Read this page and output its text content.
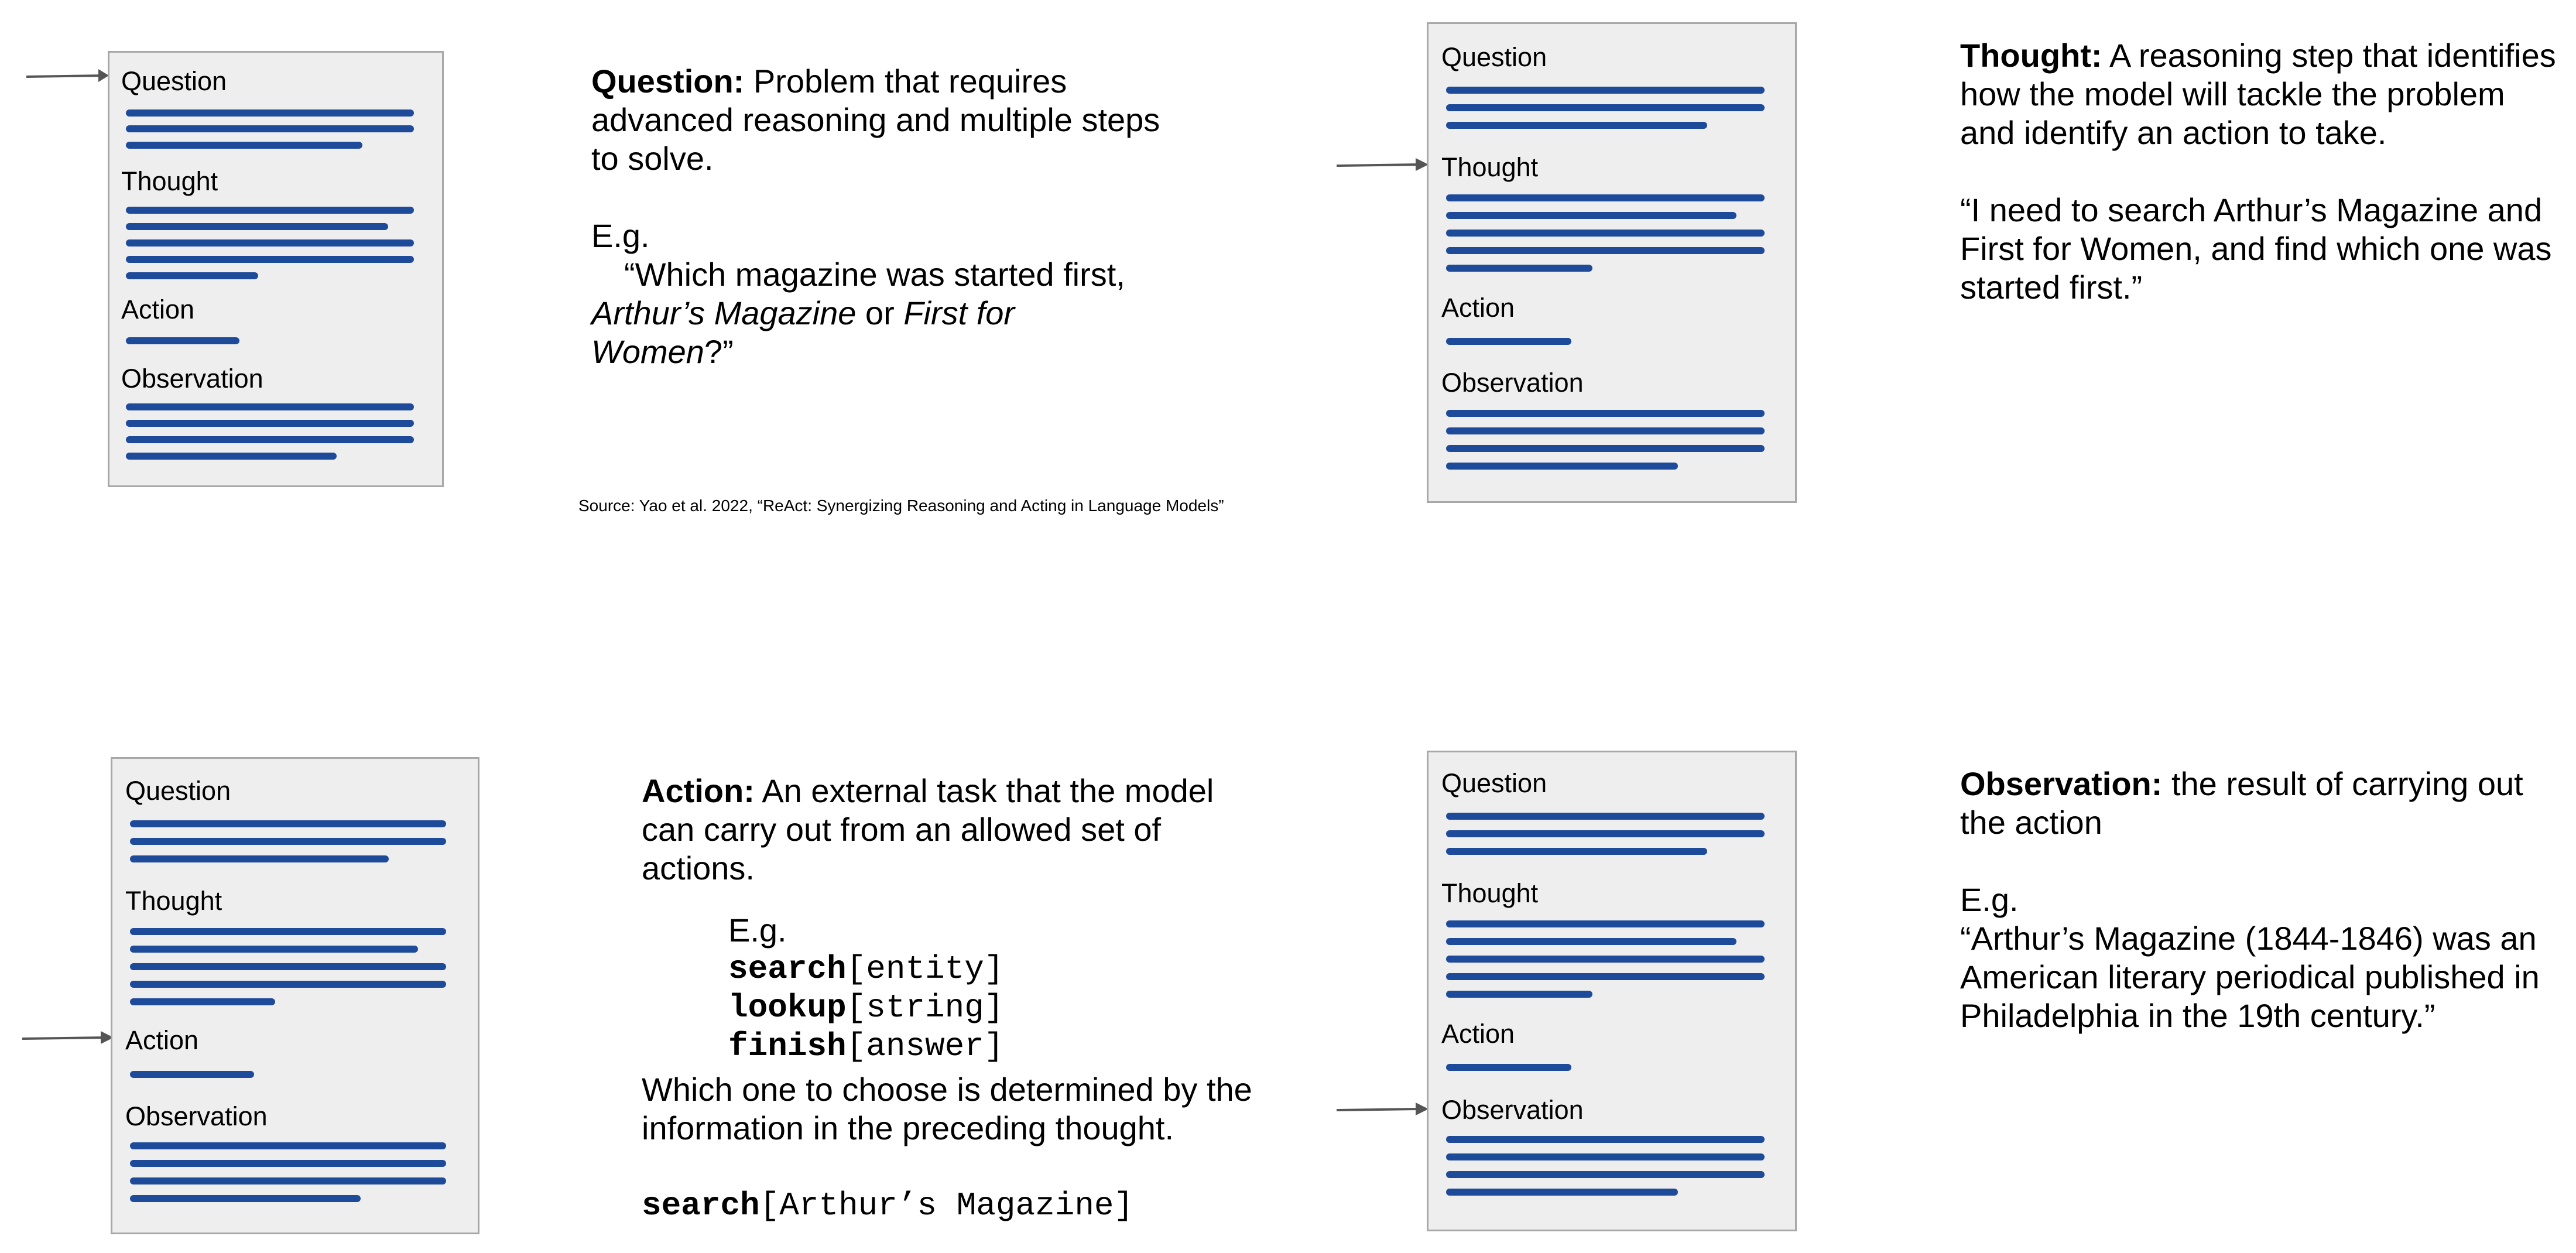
Question
Thought
Action
Observation

Question: Problem that requires advanced reasoning and multiple steps to solve.

E.g.

“Which magazine was started first,

Arthur’s Magazine or First for Women?”

Source: Yao et al. 2022, “ReAct: Synergizing Reasoning and Acting in Language Models”
Question
Thought
Action
Observation

Thought: A reasoning step that identifies how the model will tackle the problem and identify an action to take.

“I need to search Arthur’s Magazine and First for Women, and find which one was started first.”

Question
Thought
Action
Observation

Action: An external task that the model can carry out from an allowed set of actions.

E.g.

search[entity]
lookup[string]
finish[answer]

Which one to choose is determined by the information in the preceding thought.

search[Arthur’s Magazine]
Question
Thought
Action
Observation

Observation: the result of carrying out the action

E.g.

“Arthur’s Magazine (1844-1846) was an American literary periodical published in Philadelphia in the 19th century.”
